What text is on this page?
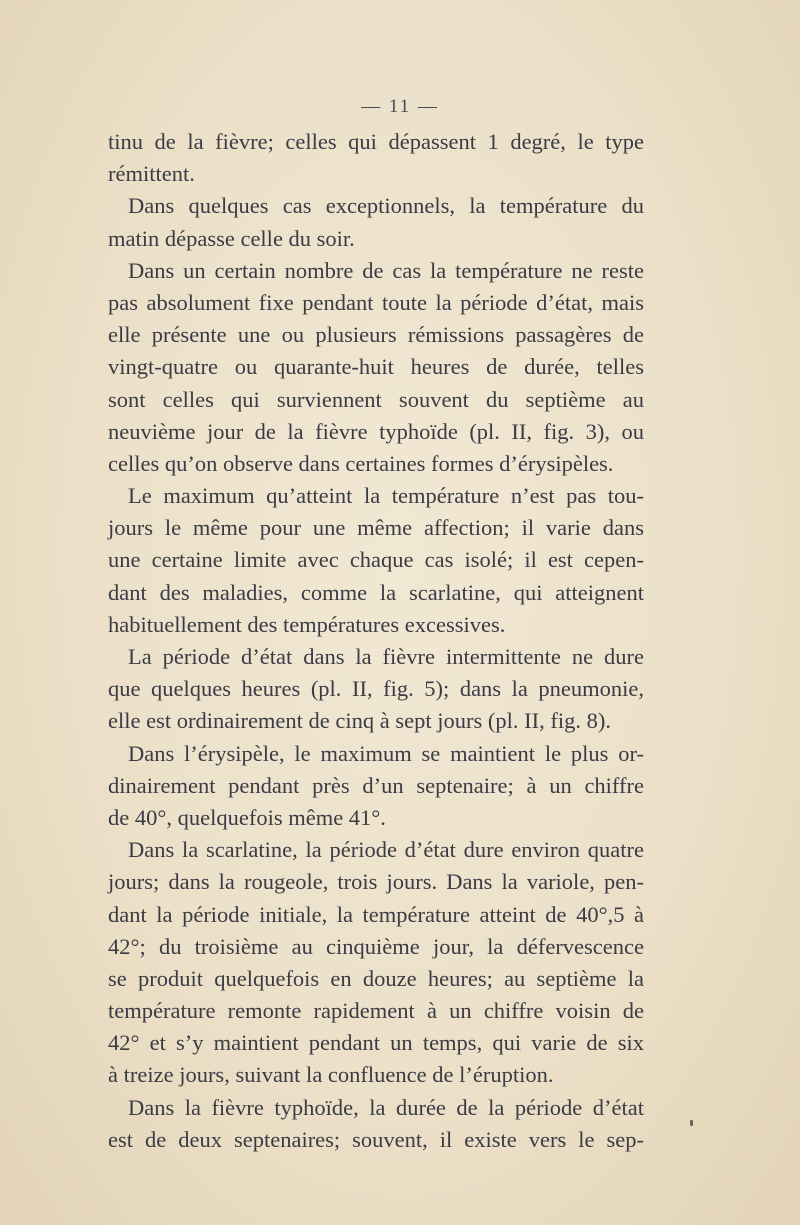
— 11 —
tinu de la fièvre; celles qui dépassent 1 degré, le type
rémittent.
Dans quelques cas exceptionnels, la température du
matin dépasse celle du soir.
Dans un certain nombre de cas la température ne reste
pas absolument fixe pendant toute la période d’état, mais
elle présente une ou plusieurs rémissions passagères de
vingt-quatre ou quarante-huit heures de durée, telles
sont celles qui surviennent souvent du septième au
neuvième jour de la fièvre typhoïde (pl. II, fig. 3), ou
celles qu’on observe dans certaines formes d’érysipèles.
Le maximum qu’atteint la température n’est pas tou-
jours le même pour une même affection; il varie dans
une certaine limite avec chaque cas isolé; il est cepen-
dant des maladies, comme la scarlatine, qui atteignent
habituellement des températures excessives.
La période d’état dans la fièvre intermittente ne dure
que quelques heures (pl. II, fig. 5); dans la pneumonie,
elle est ordinairement de cinq à sept jours (pl. II, fig. 8).
Dans l’érysipèle, le maximum se maintient le plus or-
dinairement pendant près d’un septenaire; à un chiffre
de 40°, quelquefois même 41°.
Dans la scarlatine, la période d’état dure environ quatre
jours; dans la rougeole, trois jours. Dans la variole, pen-
dant la période initiale, la température atteint de 40°,5 à
42°; du troisième au cinquième jour, la défervescence
se produit quelquefois en douze heures; au septième la
température remonte rapidement à un chiffre voisin de
42° et s’y maintient pendant un temps, qui varie de six
à treize jours, suivant la confluence de l’éruption.
Dans la fièvre typhoïde, la durée de la période d’état
est de deux septenaires; souvent, il existe vers le sep-
